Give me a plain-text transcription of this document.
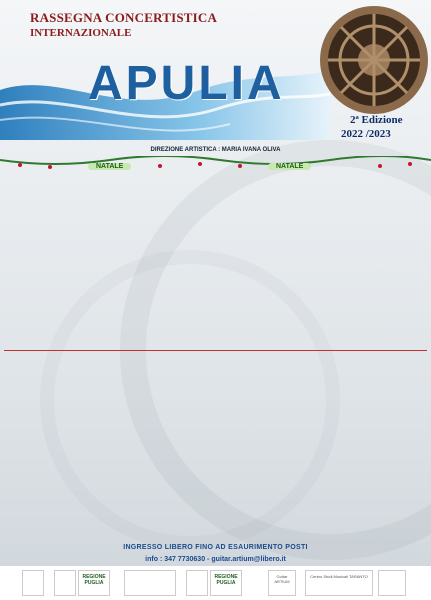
RASSEGNA CONCERTISTICA
INTERNAZIONALE
APULIA
2ª Edizione
2022 /2023
DIREZIONE ARTISTICA : MARIA IVANA OLIVA
NATALE	NATALE
INGRESSO LIBERO FINO AD ESAURIMENTO POSTI
info : 347 7730630 - guitar.artium@libero.it
REGIONE PUGLIA
REGIONE PUGLIA
Guitar ARTIUM
Centro Studi Musicali TARANTO
